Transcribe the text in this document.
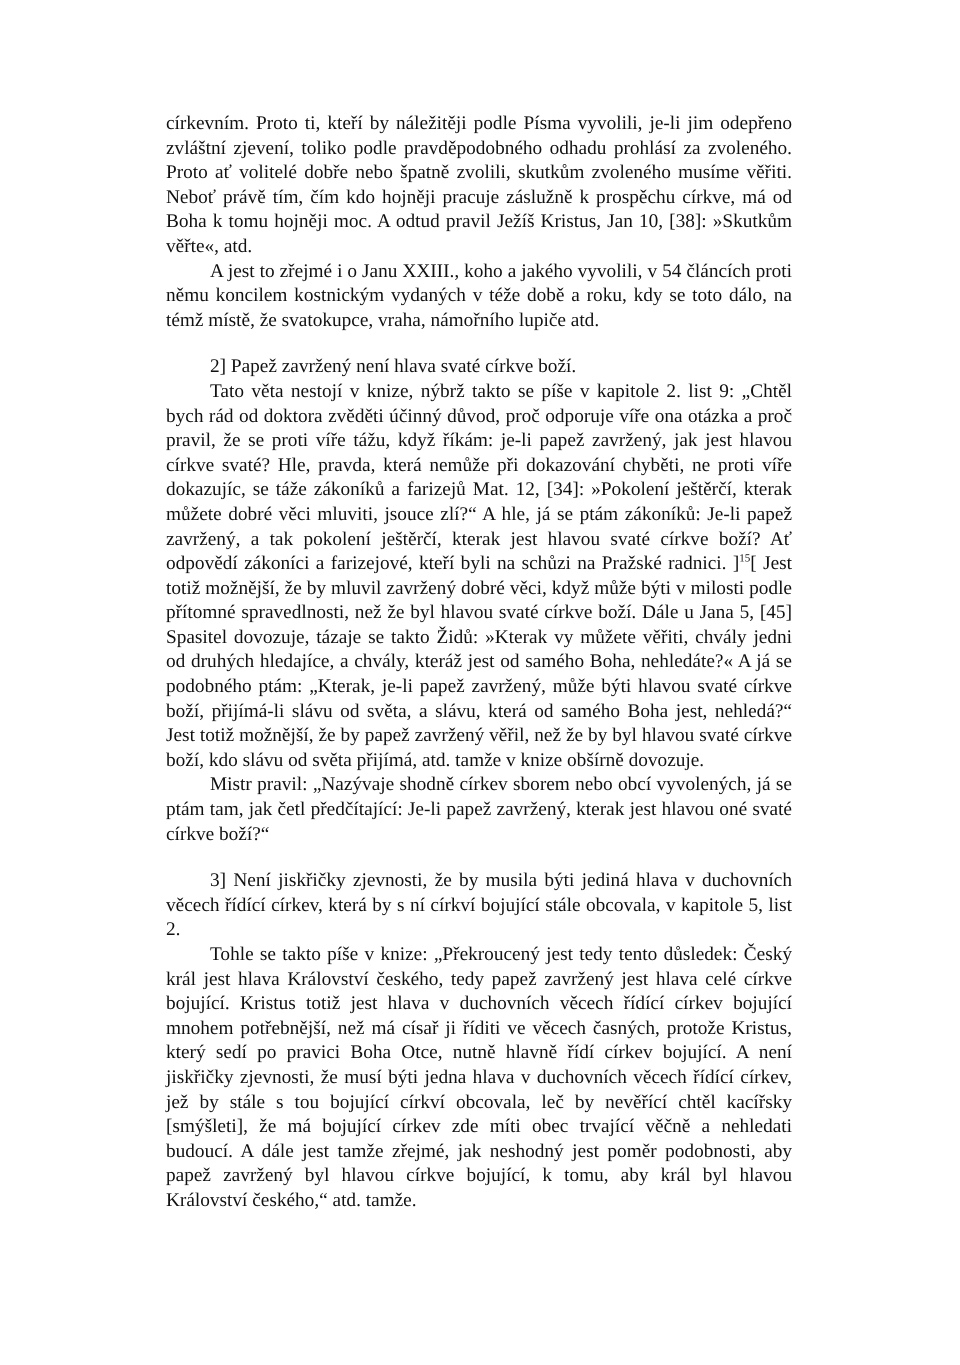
církevním. Proto ti, kteří by náležitěji podle Písma vyvolili, je-li jim odepřeno zvláštní zjevení, toliko podle pravděpodobného odhadu prohlásí za zvoleného. Proto ať volitelé dobře nebo špatně zvolili, skutkům zvoleného musíme věřiti. Neboť právě tím, čím kdo hojněji pracuje záslužně k prospěchu církve, má od Boha k tomu hojněji moc. A odtud pravil Ježíš Kristus, Jan 10, [38]: »Skutkům věřte«, atd.

A jest to zřejmé i o Janu XXIII., koho a jakého vyvolili, v 54 článcích proti němu koncilem kostnickým vydaných v téže době a roku, kdy se toto dálo, na témž místě, že svatokupce, vraha, námořního lupiče atd.

2] Papež zavržený není hlava svaté církve boží.

Tato věta nestojí v knize, nýbrž takto se píše v kapitole 2. list 9: „Chtěl bych rád od doktora zvěděti účinný důvod, proč odporuje víře ona otázka a proč pravil, že se proti víře tážu, když říkám: je-li papež zavržený, jak jest hlavou církve svaté? Hle, pravda, která nemůže při dokazování chyběti, ne proti víře dokazujíc, se táže zákoníků a farizejů Mat. 12, [34]: »Pokolení ještěrčí, kterak můžete dobré věci mluviti, jsouce zlí?“ A hle, já se ptám zákoníků: Je-li papež zavržený, a tak pokolení ještěrčí, kterak jest hlavou svaté církve boží? Ať odpovědí zákoníci a farizejové, kteří byli na schůzi na Pražské radnici. ]$^{15}$[ Jest totiž možnější, že by mluvil zavržený dobré věci, když může býti v milosti podle přítomné spravedlnosti, než že byl hlavou svaté církve boží. Dále u Jana 5, [45] Spasitel dovozuje, tázaje se takto Židů: »Kterak vy můžete věřiti, chvály jedni od druhých hledajíce, a chvály, kteráž jest od samého Boha, nehledáte?« A já se podobného ptám: „Kterak, je-li papež zavržený, může býti hlavou svaté církve boží, přijímá-li slávu od světa, a slávu, která od samého Boha jest, nehledá?“ Jest totiž možnější, že by papež zavržený věřil, než že by byl hlavou svaté církve boží, kdo slávu od světa přijímá, atd. tamže v knize obšírně dovozuje.

Mistr pravil: „Nazývaje shodně církev sborem nebo obcí vyvolených, já se ptám tam, jak četl předčítající: Je-li papež zavržený, kterak jest hlavou oné svaté církve boží?“

3] Není jiskřičky zjevnosti, že by musila býti jediná hlava v duchovních věcech řídící církev, která by s ní církví bojující stále obcovala, v kapitole 5, list 2.

Tohle se takto píše v knize: „Překroucený jest tedy tento důsledek: Český král jest hlava Království českého, tedy papež zavržený jest hlava celé církve bojující. Kristus totiž jest hlava v duchovních věcech řídící církev bojující mnohem potřebnější, než má císař ji říditi ve věcech časných, protože Kristus, který sedí po pravici Boha Otce, nutně hlavně řídí církev bojující. A není jiskřičky zjevnosti, že musí býti jedna hlava v duchovních věcech řídící církev, jež by stále s tou bojující církví obcovala, leč by nevěřící chtěl kacířsky [smýšleti], že má bojující církev zde míti obec trvající věčně a nehledati budoucí. A dále jest tamže zřejmé, jak neshodný jest poměr podobnosti, aby papež zavržený byl hlavou církve bojující, k tomu, aby král byl hlavou Království českého,“ atd. tamže.
